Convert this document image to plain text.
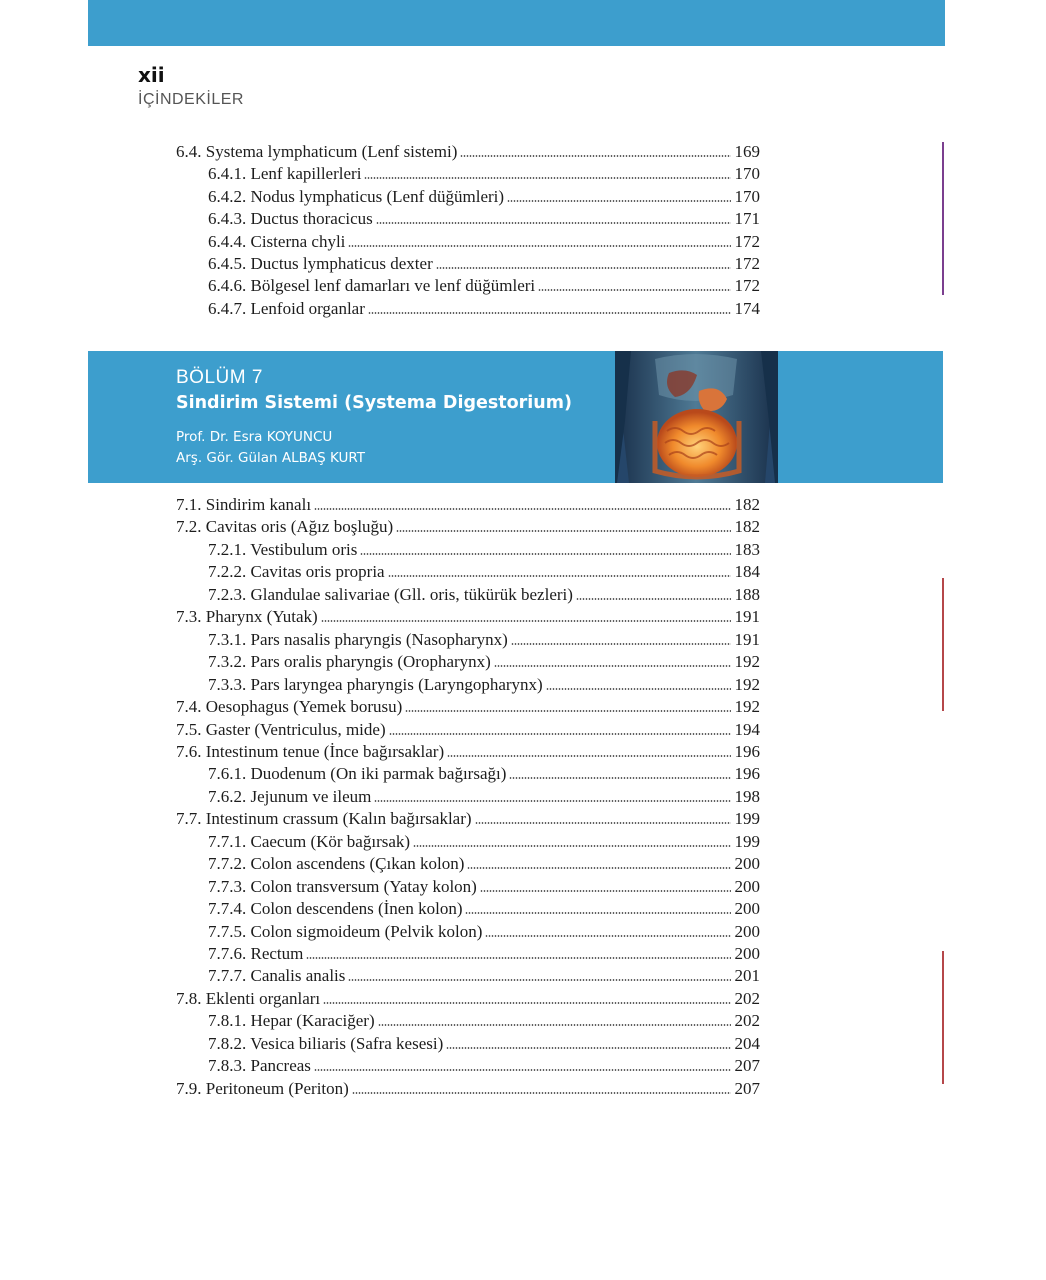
xii
İÇİNDEKİLER
6.4. Systema lymphaticum (Lenf sistemi)	169
6.4.1. Lenf kapillerleri	170
6.4.2. Nodus lymphaticus (Lenf düğümleri)	170
6.4.3. Ductus thoracicus	171
6.4.4. Cisterna chyli	172
6.4.5. Ductus lymphaticus dexter	172
6.4.6. Bölgesel lenf damarları ve lenf düğümleri	172
6.4.7. Lenfoid organlar	174
BÖLÜM 7
Sindirim Sistemi (Systema Digestorium)
Prof. Dr. Esra KOYUNCU
Arş. Gör. Gülan ALBAŞ KURT
7.1. Sindirim kanalı	182
7.2. Cavitas oris (Ağız boşluğu)	182
7.2.1. Vestibulum oris	183
7.2.2. Cavitas oris propria	184
7.2.3. Glandulae salivariae (Gll. oris, tükürük bezleri)	188
7.3. Pharynx (Yutak)	191
7.3.1. Pars nasalis pharyngis (Nasopharynx)	191
7.3.2. Pars oralis pharyngis (Oropharynx)	192
7.3.3. Pars laryngea pharyngis (Laryngopharynx)	192
7.4. Oesophagus (Yemek borusu)	192
7.5. Gaster (Ventriculus, mide)	194
7.6. Intestinum tenue (İnce bağırsaklar)	196
7.6.1. Duodenum (On iki parmak bağırsağı)	196
7.6.2. Jejunum ve ileum	198
7.7. Intestinum crassum (Kalın bağırsaklar)	199
7.7.1. Caecum (Kör bağırsak)	199
7.7.2. Colon ascendens (Çıkan kolon)	200
7.7.3. Colon transversum (Yatay kolon)	200
7.7.4. Colon descendens (İnen kolon)	200
7.7.5. Colon sigmoideum (Pelvik kolon)	200
7.7.6. Rectum	200
7.7.7. Canalis analis	201
7.8. Eklenti organları	202
7.8.1. Hepar (Karaciğer)	202
7.8.2. Vesica biliaris (Safra kesesi)	204
7.8.3. Pancreas	207
7.9. Peritoneum (Periton)	207
